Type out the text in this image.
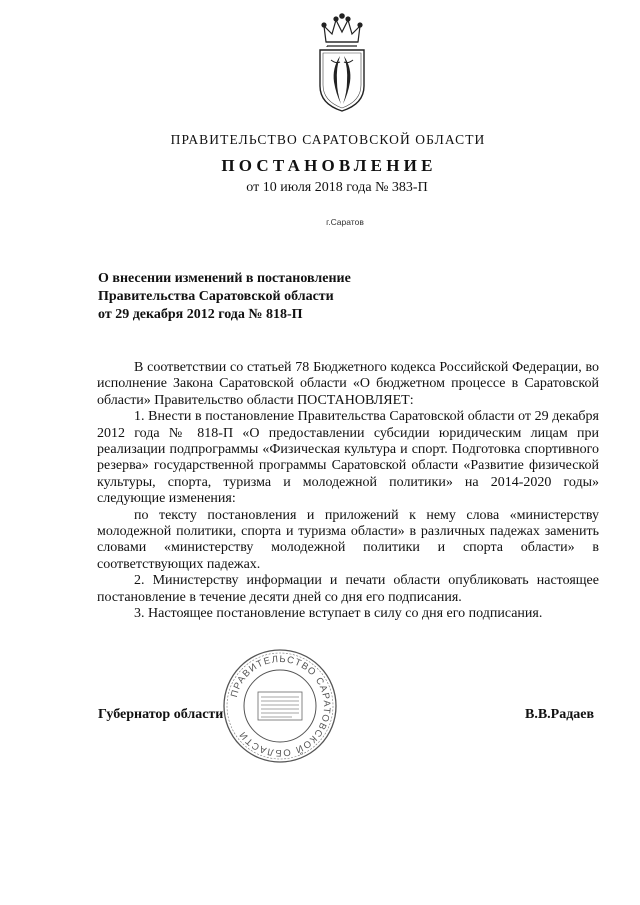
ПРАВИТЕЛЬСТВО САРАТОВСКОЙ ОБЛАСТИ
ПОСТАНОВЛЕНИЕ
от 10 июля 2018 года № 383-П
г.Саратов
О внесении изменений в постановление
Правительства Саратовской области
от 29 декабря 2012 года № 818-П

В соответствии со статьей 78 Бюджетного кодекса Российской Федерации, во исполнение Закона Саратовской области «О бюджетном процессе в Саратовской области» Правительство области ПОСТАНОВЛЯЕТ:

1. Внести в постановление Правительства Саратовской области от 29 декабря 2012 года № 818-П «О предоставлении субсидии юридическим лицам при реализации подпрограммы «Физическая культура и спорт. Подготовка спортивного резерва» государственной программы Саратовской области «Развитие физической культуры, спорта, туризма и молодежной политики» на 2014-2020 годы» следующие изменения:

по тексту постановления и приложений к нему слова «министерству молодежной политики, спорта и туризма области» в различных падежах заменить словами «министерству молодежной политики и спорта области» в соответствующих падежах.

2. Министерству информации и печати области опубликовать настоящее постановление в течение десяти дней со дня его подписания.

3. Настоящее постановление вступает в силу со дня его подписания.

ПРАВИТЕЛЬСТВО САРАТОВСКОЙ ОБЛАСТИ
Губернатор области	В.В.Радаев
